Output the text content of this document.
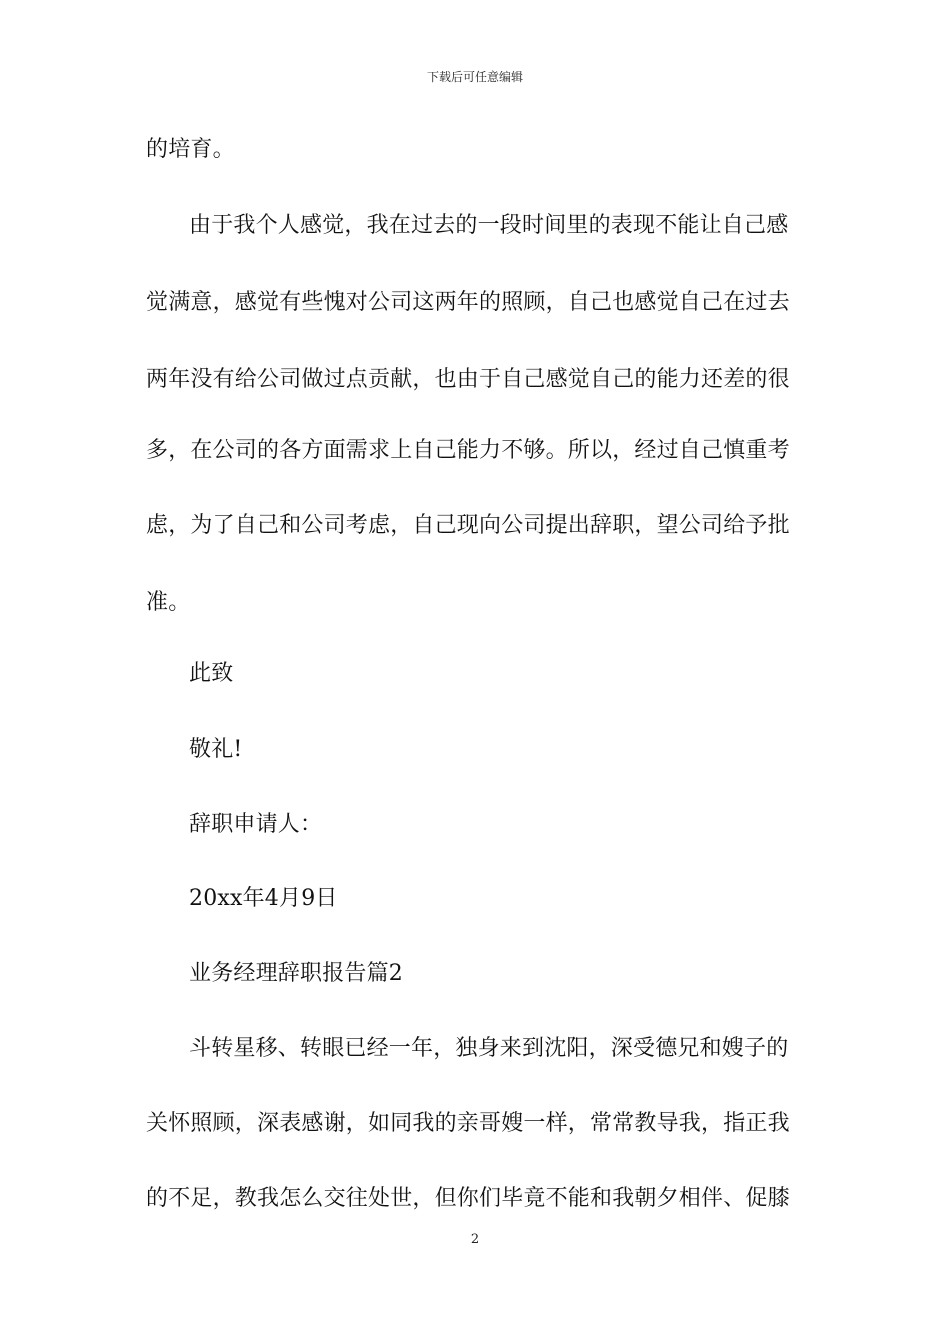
下载后可任意编辑
的培育。
由于我个人感觉，我在过去的一段时间里的表现不能让自己感
觉满意，感觉有些愧对公司这两年的照顾，自己也感觉自己在过去
两年没有给公司做过点贡献，也由于自己感觉自己的能力还差的很
多，在公司的各方面需求上自己能力不够。所以，经过自己慎重考
虑，为了自己和公司考虑，自己现向公司提出辞职，望公司给予批
准。
此致
敬礼!
辞职申请人：
20xx年4月9日
业务经理辞职报告篇2
斗转星移、转眼已经一年，独身来到沈阳，深受德兄和嫂子的
关怀照顾，深表感谢，如同我的亲哥嫂一样，常常教导我，指正我
的不足，教我怎么交往处世，但你们毕竟不能和我朝夕相伴、促膝
2
